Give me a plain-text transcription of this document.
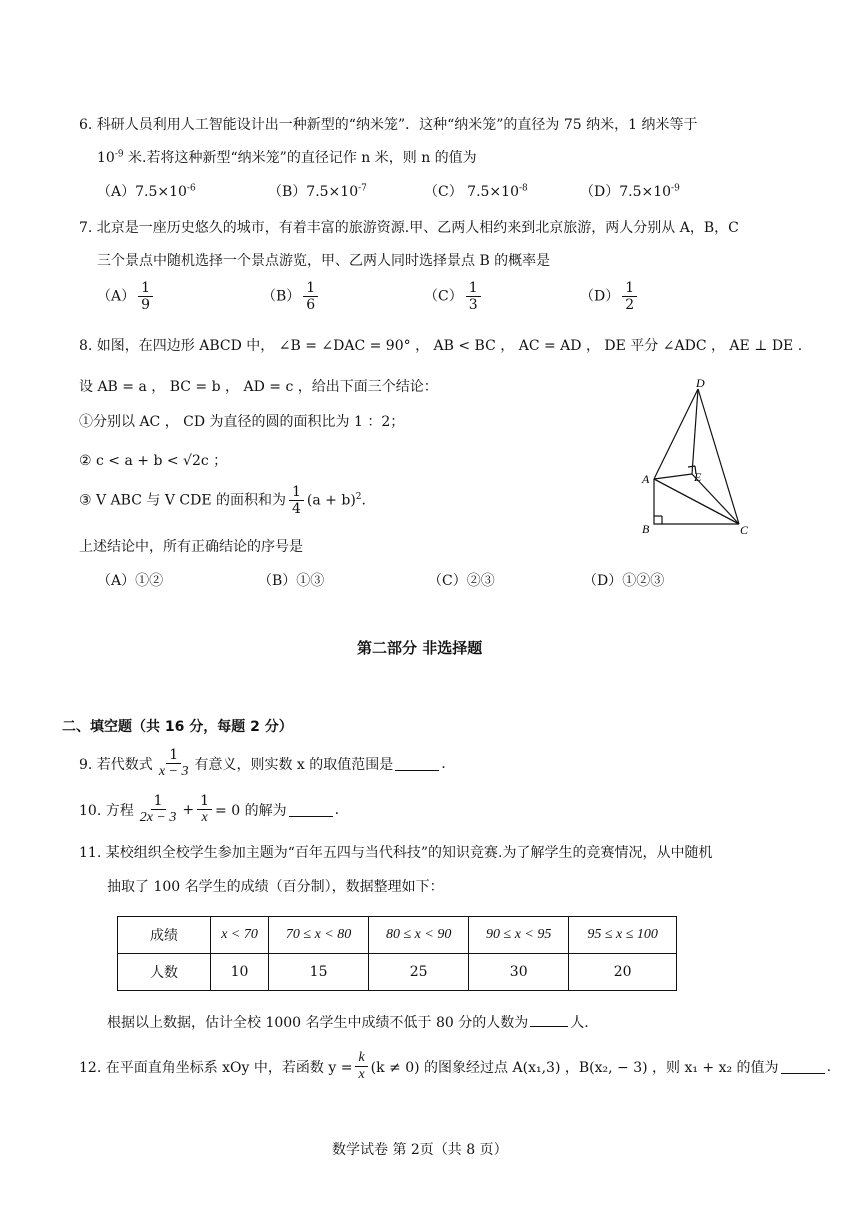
6. 科研人员利用人工智能设计出一种新型的“纳米笼”．这种“纳米笼”的直径为 75 纳米，1 纳米等于
$10^{-9}$ 米.若将这种新型“纳米笼”的直径记作 n 米，则 n 的值为
$(A)7.5\times 10^{-6}$	$(B)7.5\times 10^{-7}$	（C） $7.5\times 10^{-8}$	$(D)7.5\times 10^{-9}$
7. 北京是一座历史悠久的城市，有着丰富的旅游资源.甲、乙两人相约来到北京旅游，两人分别从 A，B，C
三个景点中随机选择一个景点游览，甲、乙两人同时选择景点 B 的概率是
$(A) \frac{1}{9}$	$(B) \frac{1}{6}$	$(C) \frac{1}{3}$	$(D) \frac{1}{2}$
8. 如图，在四边形 ABCD 中， ∠B = ∠DAC = 90° ， AB < BC ， AC = AD ， DE 平分 ∠ADC ， AE ⊥ DE .
设 AB = a ， BC = b ， AD = c ，给出下面三个结论：
①分别以 AC ， CD 为直径的圆的面积比为 1 ：2；
② c < a + b < √2c ；
③ V ABC 与 V CDE 的面积和为 $\frac{1}{4} (a + b)^2$.
上述结论中，所有正确结论的序号是
（A）①②	（B）①③	（C）②③	（D）①②③
D
A	E
B	C
第二部分 非选择题
二、填空题（共 16 分，每题 2 分）
9. 若代数式 $\frac{1}{x - 3}$ 有意义，则实数 x 的取值范围是	.
10. 方程 $\frac{1}{2x - 3} + \frac{1}{x} = 0$ 的解为	.
11. 某校组织全校学生参加主题为“百年五四与当代科技”的知识竞赛.为了解学生的竞赛情况，从中随机
抽取了 100 名学生的成绩（百分制），数据整理如下：
成绩	x < 70	70 ≤ x < 80	80 ≤ x < 90	90 ≤ x < 95	95 ≤ x ≤ 100
人数	10	15	25	30	20
根据以上数据，估计全校 1000 名学生中成绩不低于 80 分的人数为	人.
12. 在平面直角坐标系 xOy 中，若函数 $y = \frac{k}{x} (k \ne 0)$ 的图象经过点 A(x₁,3) ，B(x₂, − 3) ，则 x₁ + x₂ 的值为	.
数学试卷 第 2页（共 8 页）
